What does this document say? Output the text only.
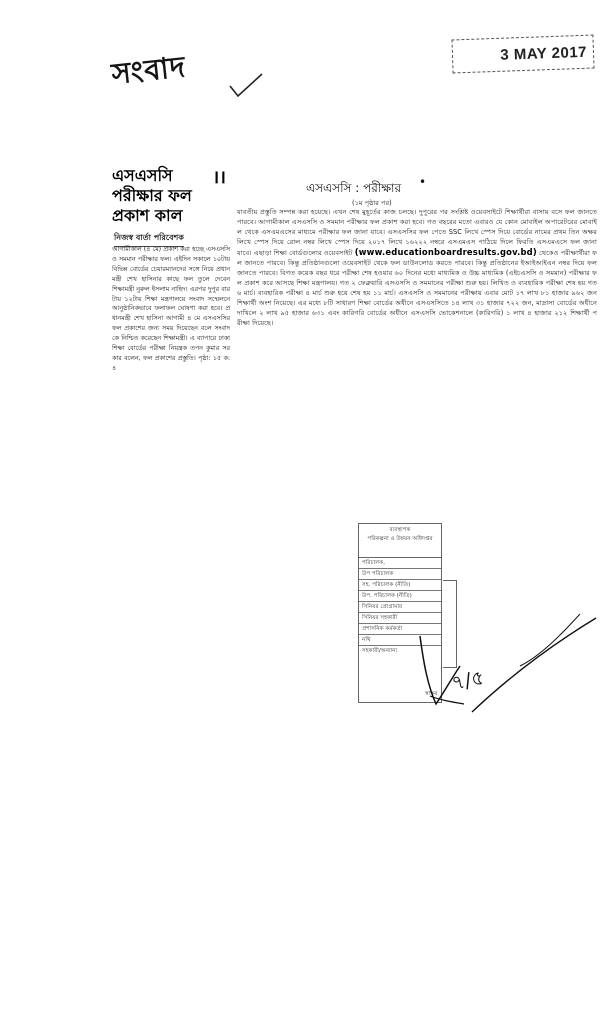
সংবাদ	3 MAY 2017
এসএসসি
পরীক্ষার ফল
প্রকাশ কাল
।।
নিজস্ব বার্তা পরিবেশক
আগামীকাল (৪ মে) প্রকাশ করা হচ্ছে এসএসসি ও সমমান পরীক্ষার ফল। এইদিন সকালে ১০টায় বিভিন্ন বোর্ডের চেয়ারম্যানদের সঙ্গে নিয়ে প্রধানমন্ত্রী শেখ হাসিনার কাছে ফল তুলে দেবেন শিক্ষামন্ত্রী নুরুল ইসলাম নাহিদ। এরপর দুপুর বারটায় ১২টায় শিক্ষা মন্ত্রণালয়ে সংবাদ সম্মেলনে আনুষ্ঠানিকভাবে ফলাফল ঘোষণা করা হবে। প্রধানমন্ত্রী শেখ হাসিনা আগামী ৪ মে এসএসসির ফল প্রকাশের জন্য সময় দিয়েছেন বলে সংবাদকে নিশ্চিত করেছেন শিক্ষামন্ত্রী। এ ব্যাপারে ঢাকা শিক্ষা বোর্ডের পরীক্ষা নিয়ন্ত্রক তপন কুমার সরকার বলেন, ফল প্রকাশের প্রস্তুতি। পৃষ্ঠা: ১৫ ক: ৪
এসএসসি : পরীক্ষার •
(১ম পৃষ্ঠার পর)
যাবতীয় প্রস্তুতি সম্পন্ন করা হয়েছে। এখন শেষ মুহূর্তের কাজ চলছে। দুপুরের পর সংশ্লিষ্ট ওয়েবসাইটে শিক্ষার্থীরা বাসায় বসে ফল জানতে পারবে। আগামীকাল এসএসসি ও সমমান পরীক্ষার ফল প্রকাশ করা হবে। গত বছরের মতো এবারও যে কোন মোবাইল অপারেটরের মোবাইল থেকে এসএমএসের মাধ্যমে পরীক্ষার ফল জানা যাবে। এসএসসির ফল পেতে SSC লিখে স্পেস দিয়ে বোর্ডের নামের প্রথম তিন অক্ষর লিখে স্পেস দিয়ে রোল নম্বর লিখে স্পেস দিয়ে ২০১৭ লিখে ১৬২২২ নম্বরে এসএমএস পাঠিয়ে দিলে ফিরতি এসএমএসে ফল জানা যাবে। এছাড়া শিক্ষা বোর্ডগুলোর ওয়েবসাইট (www.educationboardresults.gov.bd) থেকেও পরীক্ষার্থীরা ফল জানতে পারবে। কিন্তু প্রতিষ্ঠানগুলো ওয়েবসাইট থেকে ফল ডাউনলোড করতে পারবে। কিন্তু প্রতিষ্ঠানের ইআইআইএন নম্বর দিয়ে ফল জানতে পারবে। বিগত কয়েক বছর ধরে পরীক্ষা শেষ হওয়ার ৬০ দিনের মধ্যে মাধ্যমিক ও উচ্চ মাধ্যমিক (এইচএসসি ও সমমান) পরীক্ষার ফল প্রকাশ করে আসছে শিক্ষা মন্ত্রণালয়। গত ২ ফেব্রুয়ারি এসএসসি ও সমমানের পরীক্ষা শুরু হয়। লিখিত ও ব্যবহারিক পরীক্ষা শেষ হয় গত ৬ মার্চ। ব্যবহারিক পরীক্ষা ৪ মার্চ শুরু হয়ে শেষ হয় ১১ মার্চ। এসএসসি ও সমমানের পরীক্ষায় এবার মোট ১৭ লাখ ৮১ হাজার ৯৬২ জন শিক্ষার্থী অংশ নিয়েছে। এর মধ্যে ৮টি সাধারণ শিক্ষা বোর্ডের অধীনে এসএসসিতে ১৪ লাখ ৩১ হাজার ৭২২ জন, মাদ্রাসা বোর্ডের অধীনে দাখিলে ২ লাখ ৯৫ হাজার ৬৩১ এবং কারিগরি বোর্ডের অধীনে এসএসসি ভোকেশনালে (কারিগরি) ১ লাখ ৪ হাজার ২১২ শিক্ষার্থী পরীক্ষা দিয়েছে।
ব্যবস্থাপক
পরিকল্পনা ও উন্নয়ন অধিদপ্তর
পরিচালক,
উপ পরিচালক
সহ. পরিচালক (নীতি)
উপ. পরিচালক (নীতি)
সিনিয়র প্রোগ্রামার
সিনিয়র সহকারী
প্রশাসনিক কর্মকর্তা
নথি
সহকারী/অন্যান্য
স্বাক্ষর ৭/৫
